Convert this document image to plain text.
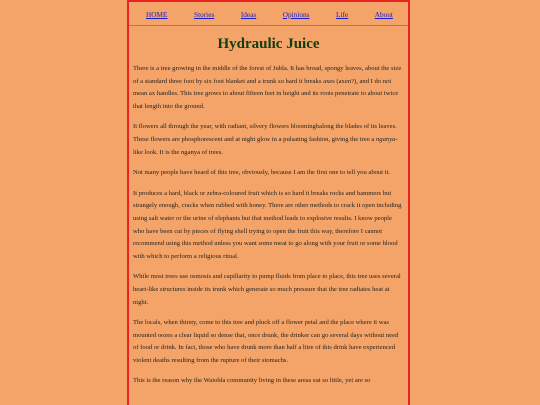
HOME	Stories	Ideas	Opinions	Life	About
Hydraulic Juice

There is a tree growing in the middle of the forest of Jubla. It has broad, spongy leaves, about the size of a standard three foot by six foot blanket and a trunk so hard it breaks axes (axen?), and I do not mean ax handles. This tree grows to about fifteen feet in height and its roots penetrate to about twice that length into the ground.

It flowers all through the year, with radiant, silvery flowers bloomingbalong the blades of its leaves. These flowers are phosphorescent and at night glow in a pulsating fashion, giving the tree a nganya-like look. It is the nganya of trees.

Not many people have heard of this tree, obviously, because I am the first one to tell you about it.

It produces a hard, black or zebra-coloured fruit which is so hard it breaks rocks and hammers but strangely enough, cracks when rubbed with honey. There are other methods to crack it open including using salt water or the urine of elephants but that method leads to explosive results. I know people who have been cut by pieces of flying shell trying to open the fruit this way, therefore I cannot recommend using this method unless you want some meat to go along with your fruit or some blood with which to perform a religious ritual.

While most trees use osmosis and capillarity to pump fluids from place to place, this tree uses several heart-like structures inside its trunk which generate so much pressure that the tree radiates heat at night.

The locals, when thirsty, come to this tree and pluck off a flower petal and the place where it was mounted oozes a clear liquid so dense that, once drunk, the drinker can go several days without need of food or drink. In fact, those who have drunk more than half a litre of this drink have experienced violent deaths resulting from the rupture of their stomachs.

This is the reason why the Waiobla community living in these areas eat so little, yet are so
